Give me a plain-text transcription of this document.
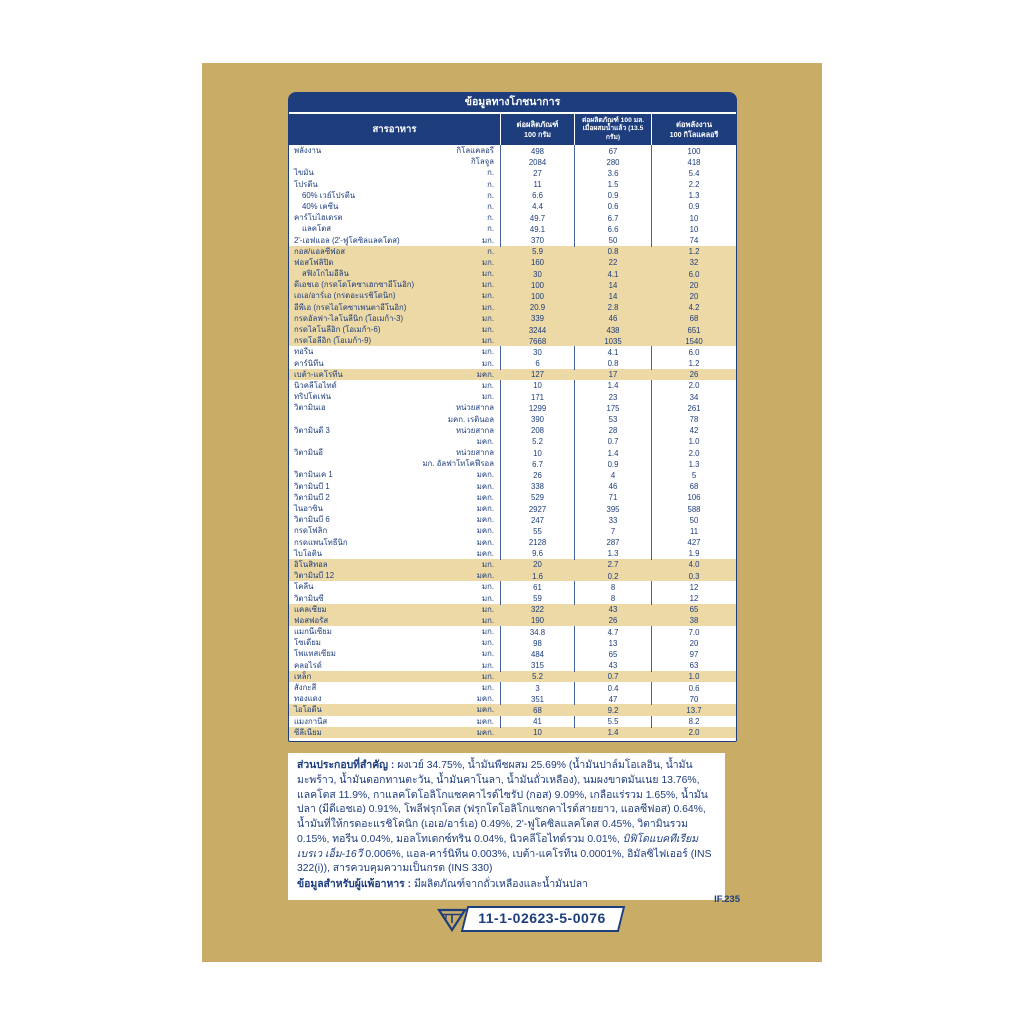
ข้อมูลทางโภชนาการ
สารอาหาร	ต่อผลิตภัณฑ์
100 กรัม
ต่อผลิตภัณฑ์ 100 มล.
เมื่อผสมน้ำแล้ว (13.5 กรัม)
ต่อพลังงาน
100 กิโลแคลอรี
พลังงาน	กิโลแคลอรี	498	67	100
กิโลจูล	2084	280	418
ไขมัน	ก.	27	3.6	5.4
โปรตีน	ก.	11	1.5	2.2
60% เวย์โปรตีน	ก.	6.6	0.9	1.3
40% เคซีน	ก.	4.4	0.6	0.9
คาร์โบไฮเดรต	ก.	49.7	6.7	10
แลคโตส	ก.	49.1	6.6	10
2'-เอฟแอล (2'-ฟูโคซิลแลคโตส)	มก.	370	50	74
กอส/แอลซีฟอส	ก.	5.9	0.8	1.2
ฟอสโฟลิปิด	มก.	160	22	32
สฟิงโกไมอีลิน	มก.	30	4.1	6.0
ดีเอชเอ (กรดโดโคซาเฮกซาอีโนอิก)	มก.	100	14	20
เอเอ/อาร์เอ (กรดอะแรชิโดนิก)	มก.	100	14	20
อีพีเอ (กรดไอโคซาเพนตาอีโนอิก)	มก.	20.9	2.8	4.2
กรดอัลฟา-ไลโนลีนิก (โอเมก้า-3)	มก.	339	46	68
กรดไลโนลีอิก (โอเมก้า-6)	มก.	3244	438	651
กรดโอลีอิก (โอเมก้า-9)	มก.	7668	1035	1540
ทอรีน	มก.	30	4.1	6.0
คาร์นิทีน	มก.	6	0.8	1.2
เบต้า-แคโรทีน	มคก.	127	17	26
นิวคลีโอไทด์	มก.	10	1.4	2.0
ทริปโตเฟน	มก.	171	23	34
วิตามินเอ	หน่วยสากล	1299	175	261
มคก. เรตินอล	390	53	78
วิตามินดี 3	หน่วยสากล	208	28	42
มคก.	5.2	0.7	1.0
วิตามินอี	หน่วยสากล	10	1.4	2.0
มก. อัลฟาโทโคฟีรอล	6.7	0.9	1.3
วิตามินเค 1	มคก.	26	4	5
วิตามินบี 1	มคก.	338	46	68
วิตามินบี 2	มคก.	529	71	106
ไนอาซิน	มคก.	2927	395	588
วิตามินบี 6	มคก.	247	33	50
กรดโฟลิก	มคก.	55	7	11
กรดแพนโทธีนิก	มคก.	2128	287	427
ไบโอติน	มคก.	9.6	1.3	1.9
อิโนสิทอล	มก.	20	2.7	4.0
วิตามินบี 12	มคก.	1.6	0.2	0.3
โคลีน	มก.	61	8	12
วิตามินซี	มก.	59	8	12
แคลเซียม	มก.	322	43	65
ฟอสฟอรัส	มก.	190	26	38
แมกนีเซียม	มก.	34.8	4.7	7.0
โซเดียม	มก.	98	13	20
โพแทสเซียม	มก.	484	65	97
คลอไรด์	มก.	315	43	63
เหล็ก	มก.	5.2	0.7	1.0
สังกะสี	มก.	3	0.4	0.6
ทองแดง	มคก.	351	47	70
ไอโอดีน	มคก.	68	9.2	13.7
แมงกานีส	มคก.	41	5.5	8.2
ซีลีเนียม	มคก.	10	1.4	2.0

ส่วนประกอบที่สำคัญ : ผงเวย์ 34.75%, น้ำมันพืชผสม 25.69% (น้ำมันปาล์มโอเลอิน, น้ำมันมะพร้าว, น้ำมันดอกทานตะวัน, น้ำมันคาโนลา, น้ำมันถั่วเหลือง), นมผงขาดมันเนย 13.76%, แลคโตส 11.9%, กาแลคโตโอลิโกแซคคาไรด์ไซรัป (กอส) 9.09%, เกลือแร่รวม 1.65%, น้ำมันปลา (มีดีเอชเอ) 0.91%, โพลีฟรุกโตส (ฟรุกโตโอลิโกแซกคาไรด์สายยาว, แอลซีฟอส) 0.64%, น้ำมันที่ให้กรดอะแรชิโดนิก (เอเอ/อาร์เอ) 0.49%, 2'-ฟูโคซิลแลคโตส 0.45%, วิตามินรวม 0.15%, ทอรีน 0.04%, มอลโทเดกซ์ทริน 0.04%, นิวคลีโอไทด์รวม 0.01%, บิฟิโดแบคทีเรียม เบรเว เอ็ม-16วี 0.006%, แอล-คาร์นิทีน 0.003%, เบต้า-แคโรทีน 0.0001%, อิมัลซิไฟเออร์ (INS 322(i)), สารควบคุมความเป็นกรด (INS 330)

ข้อมูลสำหรับผู้แพ้อาหาร : มีผลิตภัณฑ์จากถั่วเหลืองและน้ำมันปลา

IF.235
11-1-02623-5-0076
